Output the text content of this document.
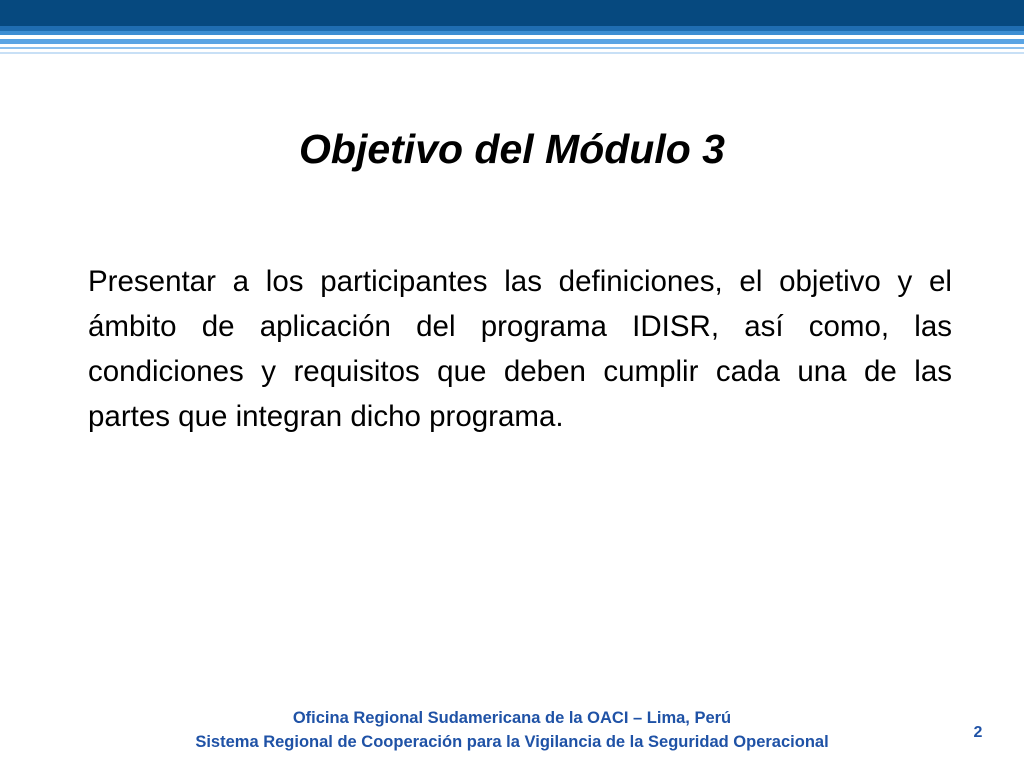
Objetivo del Módulo 3

Presentar a los participantes las definiciones, el objetivo y el ámbito de aplicación del programa IDISR, así como, las condiciones y requisitos que deben cumplir cada una de las partes que integran dicho programa.

Oficina Regional Sudamericana de la OACI – Lima, Perú
Sistema Regional de Cooperación para la Vigilancia de la Seguridad Operacional
2
